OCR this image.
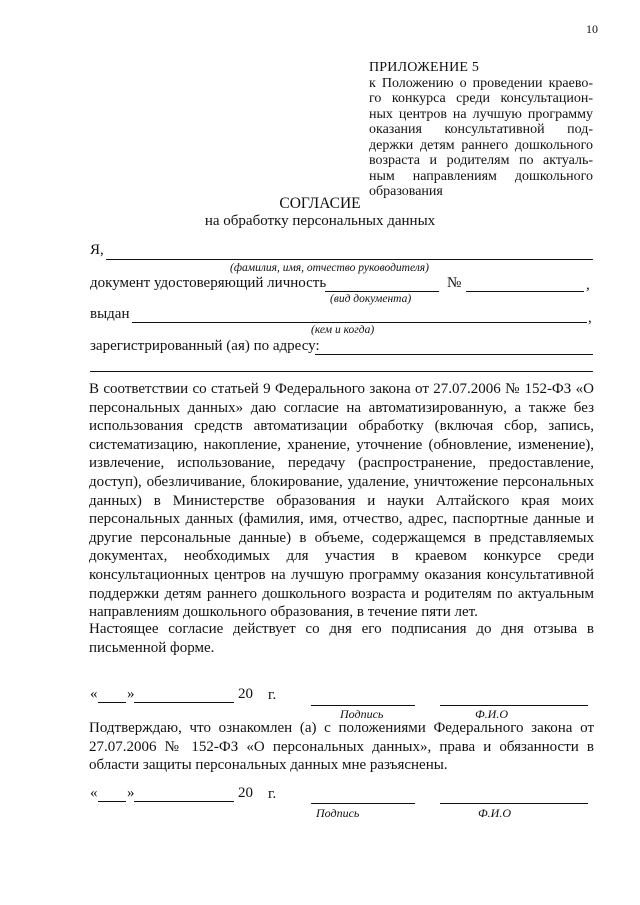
10
ПРИЛОЖЕНИЕ 5
к Положению о проведении краево-
го конкурса среди консультацион-
ных центров на лучшую программу
оказания консультативной под-
держки детям раннего дошкольного
возраста и родителям по актуаль-
ным направлениям дошкольного
образования
СОГЛАСИЕ
на обработку персональных данных
Я,
(фамилия, имя, отчество руководителя)
документ удостоверяющий личность	№	,
(вид документа)
выдан	,
(кем и когда)
зарегистрированный (ая) по адресу:
В соответствии со статьей 9 Федерального закона от 27.07.2006 № 152-ФЗ «О персональных данных» даю согласие на автоматизированную, а также без использования средств автоматизации обработку (включая сбор, запись, систематизацию, накопление, хранение, уточнение (обновление, изменение), извлечение, использование, передачу (распространение, предоставление, доступ), обезличивание, блокирование, удаление, уничтожение персональных данных) в Министерстве образования и науки Алтайского края моих персональных данных (фамилия, имя, отчество, адрес, паспортные данные и другие персональные данные) в объеме, содержащемся в представляемых документах, необходимых для участия в краевом конкурсе среди консультационных центров на лучшую программу оказания консультативной поддержки детям раннего дошкольного возраста и родителям по актуальным направлениям дошкольного образования, в течение пяти лет.
Настоящее согласие действует со дня его подписания до дня отзыва в письменной форме.
« »	20 г.
Подпись	Ф.И.О
Подтверждаю, что ознакомлен (а) с положениями Федерального закона от 27.07.2006 № 152-ФЗ «О персональных данных», права и обязанности в области защиты персональных данных мне разъяснены.
« »	20 г.
Подпись	Ф.И.О
